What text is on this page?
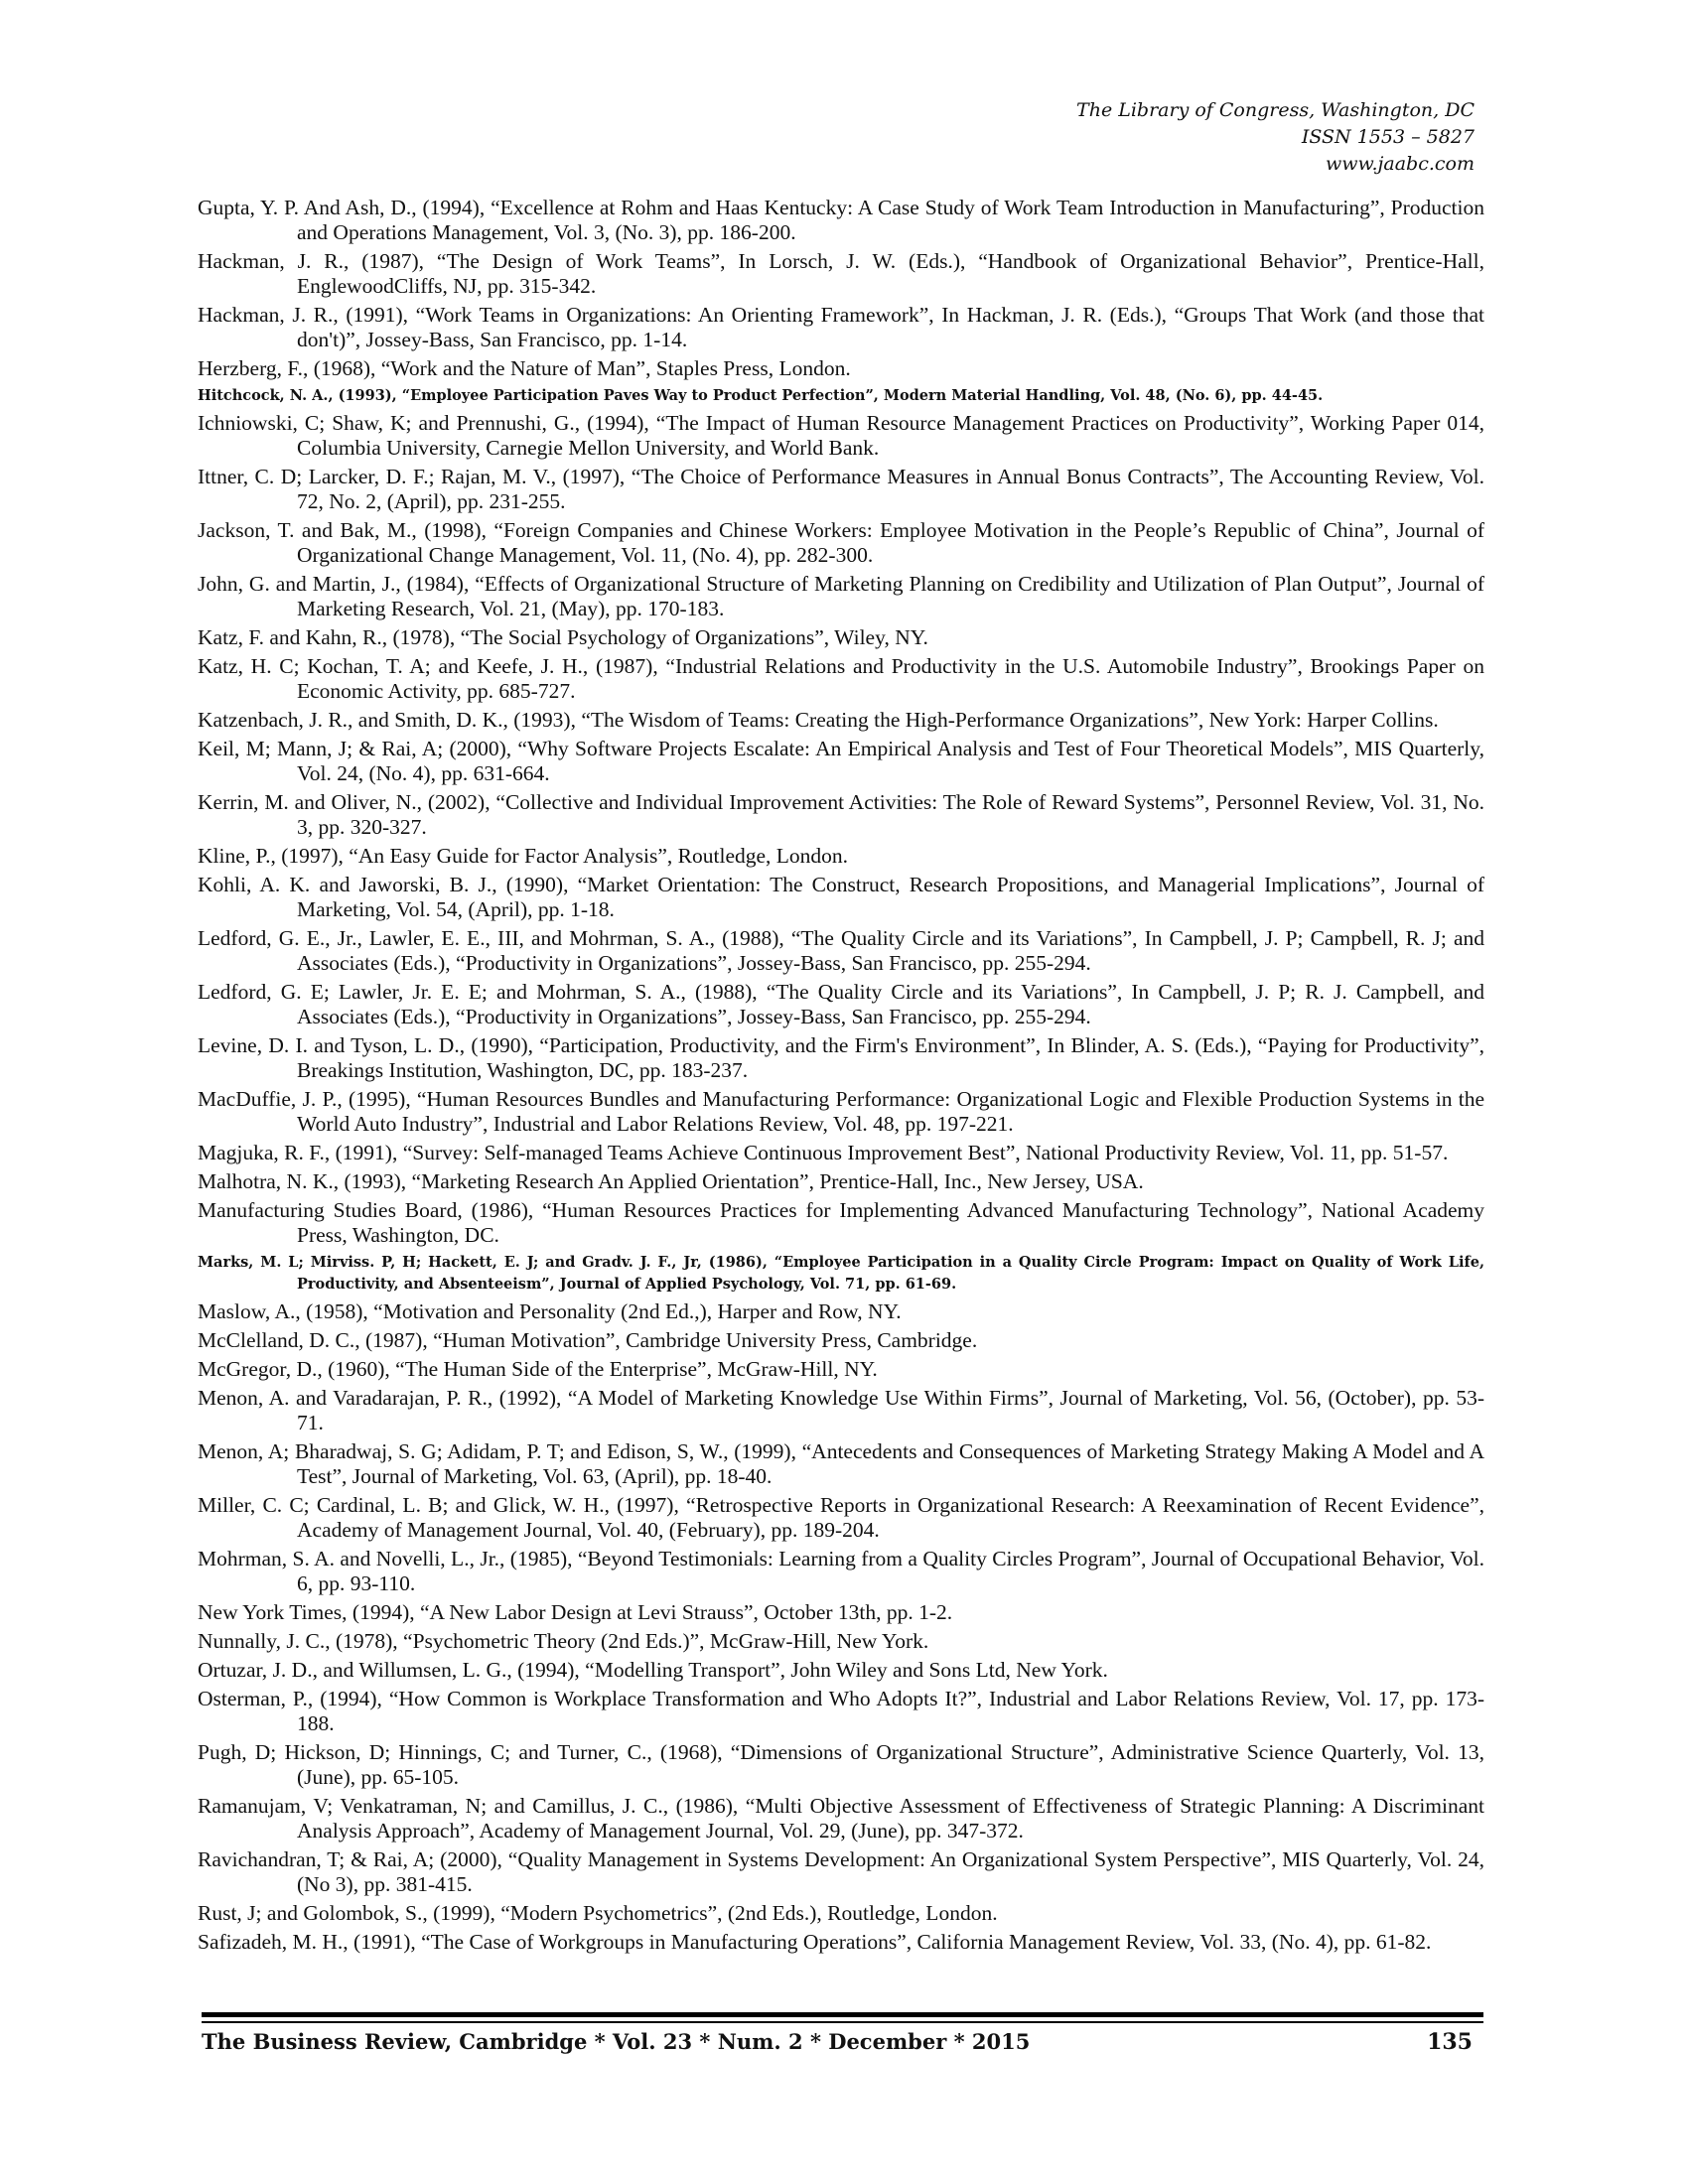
The Library of Congress, Washington, DC
ISSN 1553 – 5827
www.jaabc.com
Gupta, Y. P. And Ash, D., (1994), “Excellence at Rohm and Haas Kentucky: A Case Study of Work Team Introduction in Manufacturing”, Production and Operations Management, Vol. 3, (No. 3), pp. 186-200.
Hackman, J. R., (1987), “The Design of Work Teams”, In Lorsch, J. W. (Eds.), “Handbook of Organizational Behavior”, Prentice-Hall, EnglewoodCliffs, NJ, pp. 315-342.
Hackman, J. R., (1991), “Work Teams in Organizations: An Orienting Framework”, In Hackman, J. R. (Eds.), “Groups That Work (and those that don't)”, Jossey-Bass, San Francisco, pp. 1-14.
Herzberg, F., (1968), “Work and the Nature of Man”, Staples Press, London.
Hitchcock, N. A., (1993), “Employee Participation Paves Way to Product Perfection”, Modern Material Handling, Vol. 48, (No. 6), pp. 44-45.
Ichniowski, C; Shaw, K; and Prennushi, G., (1994), “The Impact of Human Resource Management Practices on Productivity”, Working Paper 014, Columbia University, Carnegie Mellon University, and World Bank.
Ittner, C. D; Larcker, D. F.; Rajan, M. V., (1997), “The Choice of Performance Measures in Annual Bonus Contracts”, The Accounting Review, Vol. 72, No. 2, (April), pp. 231-255.
Jackson, T. and Bak, M., (1998), “Foreign Companies and Chinese Workers: Employee Motivation in the People’s Republic of China”, Journal of Organizational Change Management, Vol. 11, (No. 4), pp. 282-300.
John, G. and Martin, J., (1984), “Effects of Organizational Structure of Marketing Planning on Credibility and Utilization of Plan Output”, Journal of Marketing Research, Vol. 21, (May), pp. 170-183.
Katz, F. and Kahn, R., (1978), “The Social Psychology of Organizations”, Wiley, NY.
Katz, H. C; Kochan, T. A; and Keefe, J. H., (1987), “Industrial Relations and Productivity in the U.S. Automobile Industry”, Brookings Paper on Economic Activity, pp. 685-727.
Katzenbach, J. R., and Smith, D. K., (1993), “The Wisdom of Teams: Creating the High-Performance Organizations”, New York: Harper Collins.
Keil, M; Mann, J; & Rai, A; (2000), “Why Software Projects Escalate: An Empirical Analysis and Test of Four Theoretical Models”, MIS Quarterly, Vol. 24, (No. 4), pp. 631-664.
Kerrin, M. and Oliver, N., (2002), “Collective and Individual Improvement Activities: The Role of Reward Systems”, Personnel Review, Vol. 31, No. 3, pp. 320-327.
Kline, P., (1997), “An Easy Guide for Factor Analysis”, Routledge, London.
Kohli, A. K. and Jaworski, B. J., (1990), “Market Orientation: The Construct, Research Propositions, and Managerial Implications”, Journal of Marketing, Vol. 54, (April), pp. 1-18.
Ledford, G. E., Jr., Lawler, E. E., III, and Mohrman, S. A., (1988), “The Quality Circle and its Variations”, In Campbell, J. P; Campbell, R. J; and Associates (Eds.), “Productivity in Organizations”, Jossey-Bass, San Francisco, pp. 255-294.
Ledford, G. E; Lawler, Jr. E. E; and Mohrman, S. A., (1988), “The Quality Circle and its Variations”, In Campbell, J. P; R. J. Campbell, and Associates (Eds.), “Productivity in Organizations”, Jossey-Bass, San Francisco, pp. 255-294.
Levine, D. I. and Tyson, L. D., (1990), “Participation, Productivity, and the Firm's Environment”, In Blinder, A. S. (Eds.), “Paying for Productivity”, Breakings Institution, Washington, DC, pp. 183-237.
MacDuffie, J. P., (1995), “Human Resources Bundles and Manufacturing Performance: Organizational Logic and Flexible Production Systems in the World Auto Industry”, Industrial and Labor Relations Review, Vol. 48, pp. 197-221.
Magjuka, R. F., (1991), “Survey: Self-managed Teams Achieve Continuous Improvement Best”, National Productivity Review, Vol. 11, pp. 51-57.
Malhotra, N. K., (1993), “Marketing Research An Applied Orientation”, Prentice-Hall, Inc., New Jersey, USA.
Manufacturing Studies Board, (1986), “Human Resources Practices for Implementing Advanced Manufacturing Technology”, National Academy Press, Washington, DC.
Marks, M. L; Mirviss. P, H; Hackett, E. J; and Gradv. J. F., Jr, (1986), “Employee Participation in a Quality Circle Program: Impact on Quality of Work Life, Productivity, and Absenteeism”, Journal of Applied Psychology, Vol. 71, pp. 61-69.
Maslow, A., (1958), “Motivation and Personality (2nd Ed.,), Harper and Row, NY.
McClelland, D. C., (1987), “Human Motivation”, Cambridge University Press, Cambridge.
McGregor, D., (1960), “The Human Side of the Enterprise”, McGraw-Hill, NY.
Menon, A. and Varadarajan, P. R., (1992), “A Model of Marketing Knowledge Use Within Firms”, Journal of Marketing, Vol. 56, (October), pp. 53-71.
Menon, A; Bharadwaj, S. G; Adidam, P. T; and Edison, S, W., (1999), “Antecedents and Consequences of Marketing Strategy Making A Model and A Test”, Journal of Marketing, Vol. 63, (April), pp. 18-40.
Miller, C. C; Cardinal, L. B; and Glick, W. H., (1997), “Retrospective Reports in Organizational Research: A Reexamination of Recent Evidence”, Academy of Management Journal, Vol. 40, (February), pp. 189-204.
Mohrman, S. A. and Novelli, L., Jr., (1985), “Beyond Testimonials: Learning from a Quality Circles Program”, Journal of Occupational Behavior, Vol. 6, pp. 93-110.
New York Times, (1994), “A New Labor Design at Levi Strauss”, October 13th, pp. 1-2.
Nunnally, J. C., (1978), “Psychometric Theory (2nd Eds.)”, McGraw-Hill, New York.
Ortuzar, J. D., and Willumsen, L. G., (1994), “Modelling Transport”, John Wiley and Sons Ltd, New York.
Osterman, P., (1994), “How Common is Workplace Transformation and Who Adopts It?”, Industrial and Labor Relations Review, Vol. 17, pp. 173-188.
Pugh, D; Hickson, D; Hinnings, C; and Turner, C., (1968), “Dimensions of Organizational Structure”, Administrative Science Quarterly, Vol. 13, (June), pp. 65-105.
Ramanujam, V; Venkatraman, N; and Camillus, J. C., (1986), “Multi Objective Assessment of Effectiveness of Strategic Planning: A Discriminant Analysis Approach”, Academy of Management Journal, Vol. 29, (June), pp. 347-372.
Ravichandran, T; & Rai, A; (2000), “Quality Management in Systems Development: An Organizational System Perspective”, MIS Quarterly, Vol. 24, (No 3), pp. 381-415.
Rust, J; and Golombok, S., (1999), “Modern Psychometrics”, (2nd Eds.), Routledge, London.
Safizadeh, M. H., (1991), “The Case of Workgroups in Manufacturing Operations”, California Management Review, Vol. 33, (No. 4), pp. 61-82.
The Business Review, Cambridge * Vol. 23 * Num. 2 * December * 2015	135
